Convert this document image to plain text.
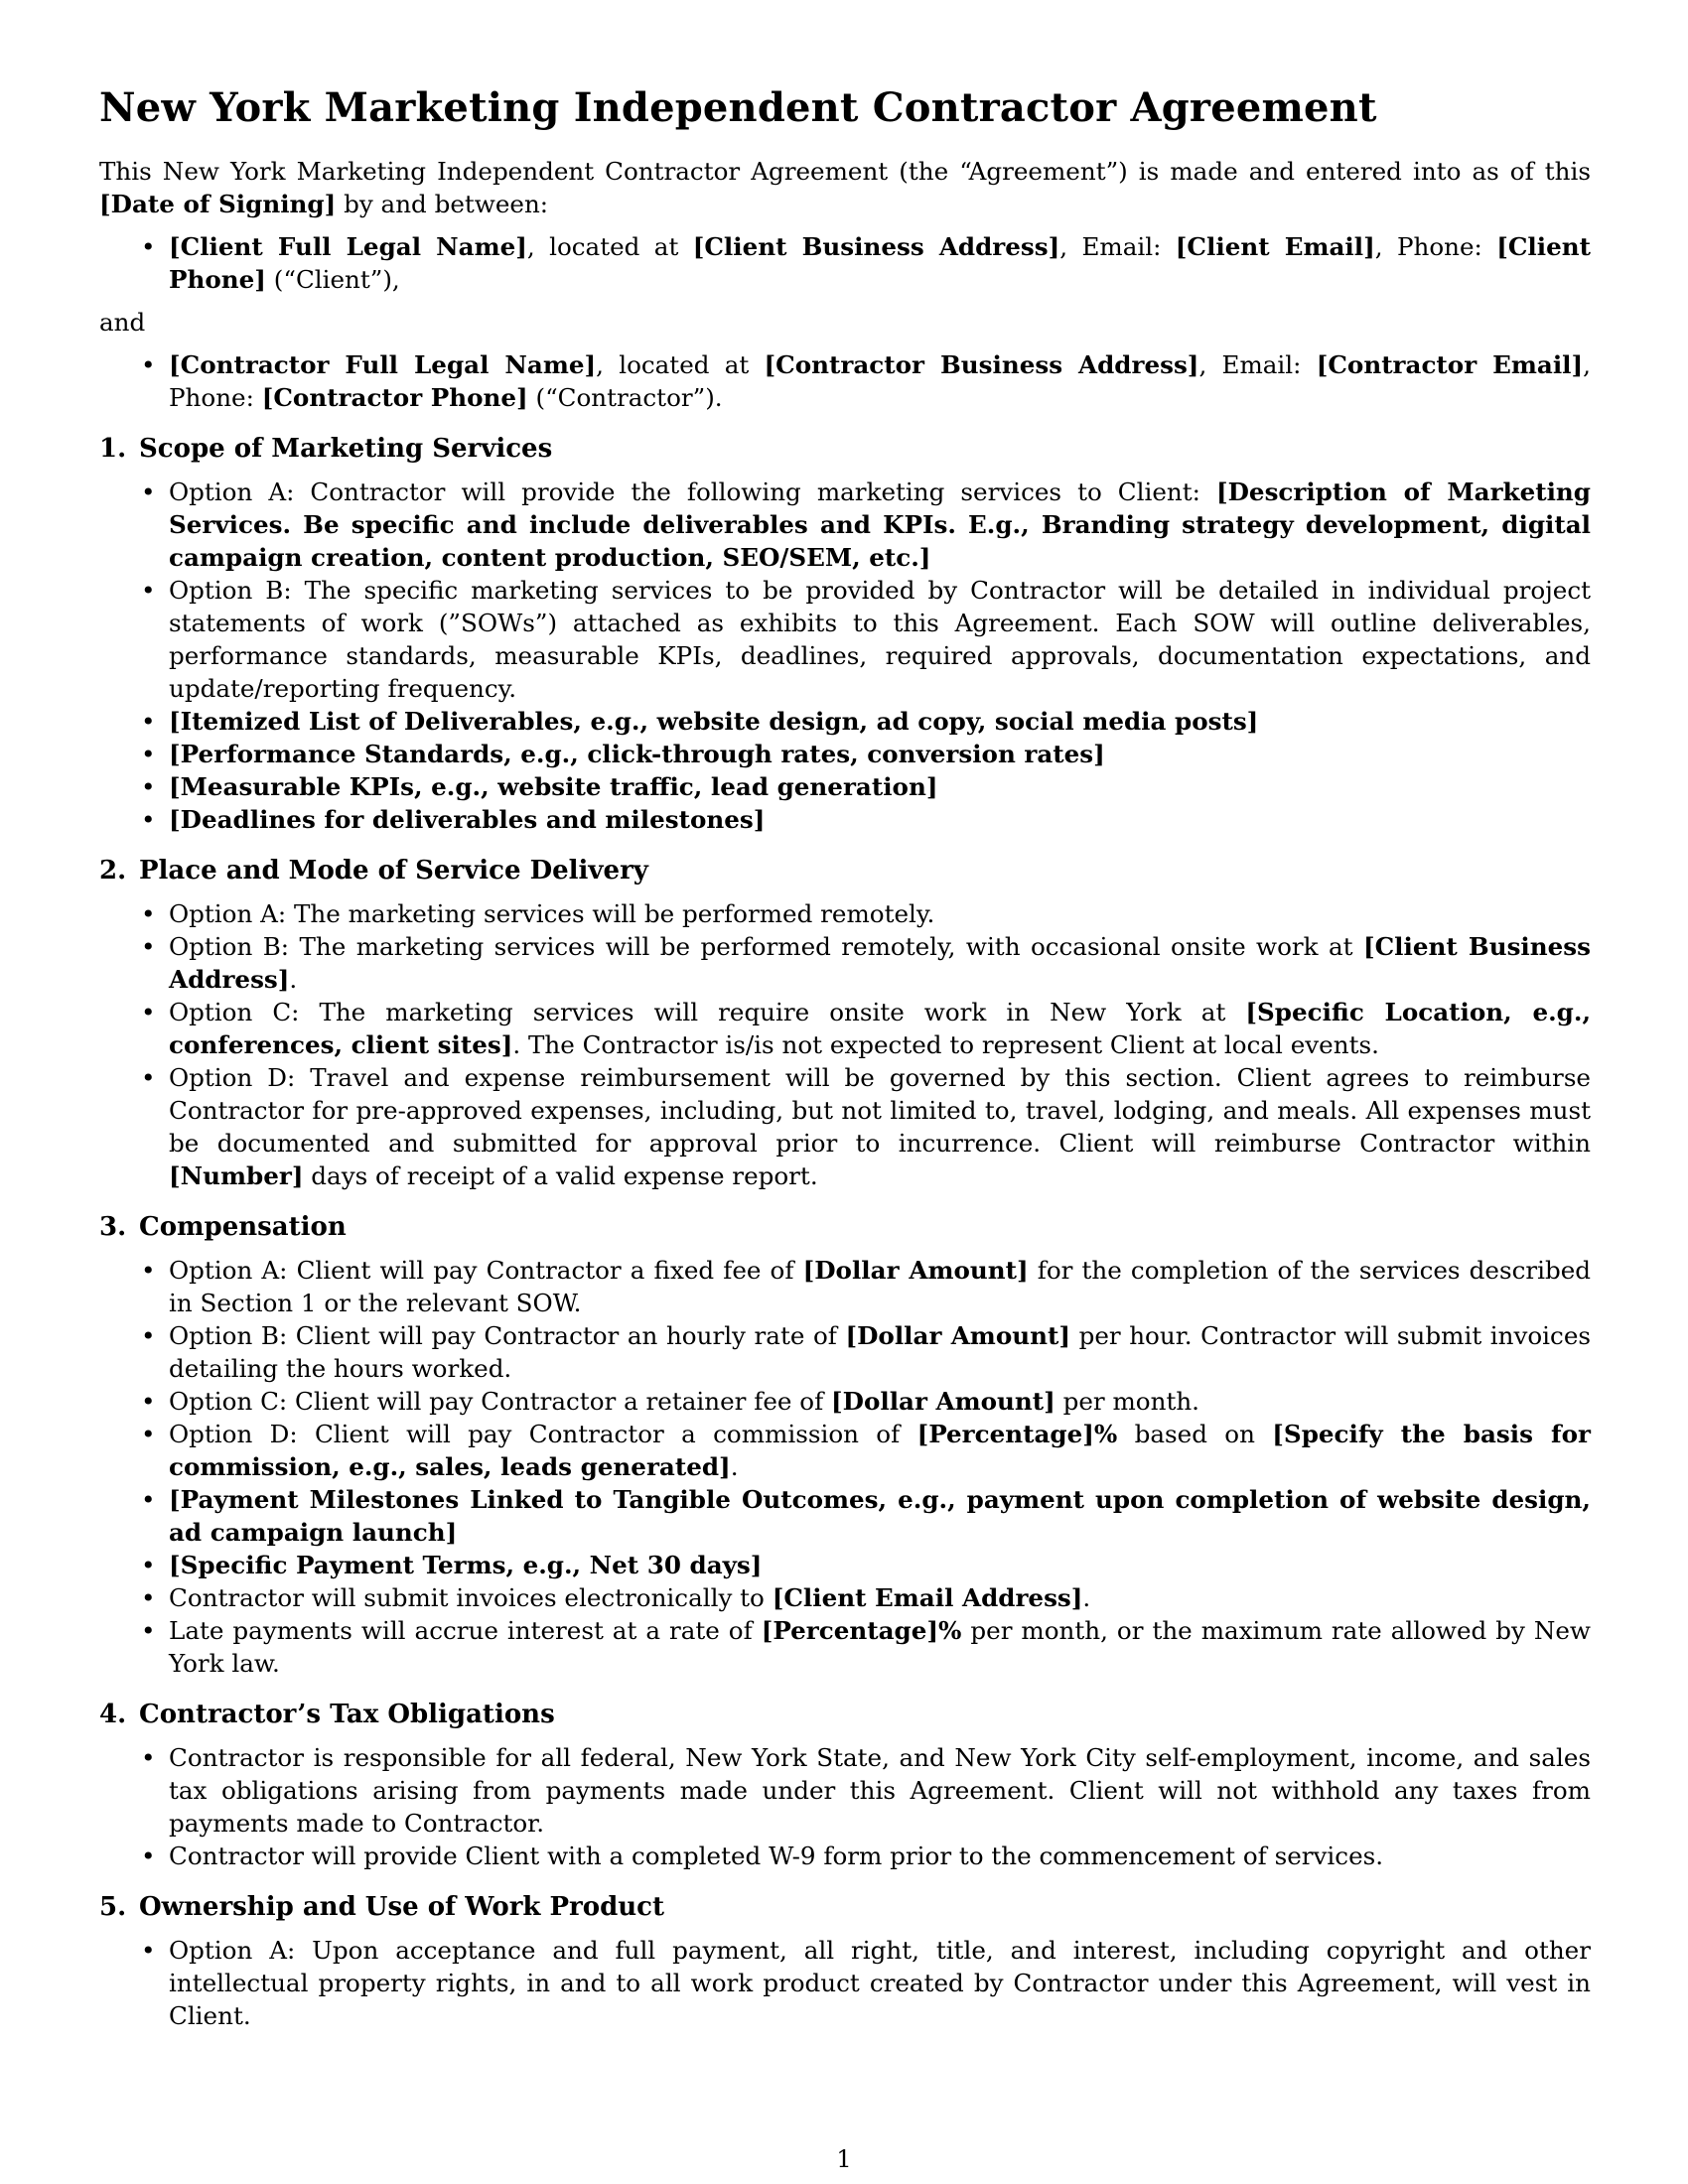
New York Marketing Independent Contractor Agreement

This New York Marketing Independent Contractor Agreement (the “Agreement”) is made and entered into as of this [Date of Signing] by and between:

• [Client Full Legal Name], located at [Client Business Address], Email: [Client Email], Phone: [Client Phone] (“Client”),

and

• [Contractor Full Legal Name], located at [Contractor Business Address], Email: [Contractor Email], Phone: [Contractor Phone] (“Contractor”).
1. Scope of Marketing Services
• Option A: Contractor will provide the following marketing services to Client: [Description of Marketing Services. Be specific and include deliverables and KPIs. E.g., Branding strategy development, digital campaign creation, content production, SEO/SEM, etc.]
• Option B: The specific marketing services to be provided by Contractor will be detailed in individual project statements of work (”SOWs”) attached as exhibits to this Agreement. Each SOW will outline deliverables, performance standards, measurable KPIs, deadlines, required approvals, documentation expectations, and update/reporting frequency.
• [Itemized List of Deliverables, e.g., website design, ad copy, social media posts]
• [Performance Standards, e.g., click-through rates, conversion rates]
• [Measurable KPIs, e.g., website traffic, lead generation]
• [Deadlines for deliverables and milestones]
2. Place and Mode of Service Delivery
• Option A: The marketing services will be performed remotely.
• Option B: The marketing services will be performed remotely, with occasional onsite work at [Client Business Address].
• Option C: The marketing services will require onsite work in New York at [Specific Location, e.g., conferences, client sites]. The Contractor is/is not expected to represent Client at local events.
• Option D: Travel and expense reimbursement will be governed by this section. Client agrees to reimburse Contractor for pre-approved expenses, including, but not limited to, travel, lodging, and meals. All expenses must be documented and submitted for approval prior to incurrence. Client will reimburse Contractor within [Number] days of receipt of a valid expense report.
3. Compensation
• Option A: Client will pay Contractor a fixed fee of [Dollar Amount] for the completion of the services described in Section 1 or the relevant SOW.
• Option B: Client will pay Contractor an hourly rate of [Dollar Amount] per hour. Contractor will submit invoices detailing the hours worked.
• Option C: Client will pay Contractor a retainer fee of [Dollar Amount] per month.
• Option D: Client will pay Contractor a commission of [Percentage]% based on [Specify the basis for commission, e.g., sales, leads generated].
• [Payment Milestones Linked to Tangible Outcomes, e.g., payment upon completion of website design, ad campaign launch]
• [Specific Payment Terms, e.g., Net 30 days]
• Contractor will submit invoices electronically to [Client Email Address].
• Late payments will accrue interest at a rate of [Percentage]% per month, or the maximum rate allowed by New York law.
4. Contractor’s Tax Obligations
• Contractor is responsible for all federal, New York State, and New York City self-employment, income, and sales tax obligations arising from payments made under this Agreement. Client will not withhold any taxes from payments made to Contractor.
• Contractor will provide Client with a completed W-9 form prior to the commencement of services.
5. Ownership and Use of Work Product
• Option A: Upon acceptance and full payment, all right, title, and interest, including copyright and other intellectual property rights, in and to all work product created by Contractor under this Agreement, will vest in Client.
1
